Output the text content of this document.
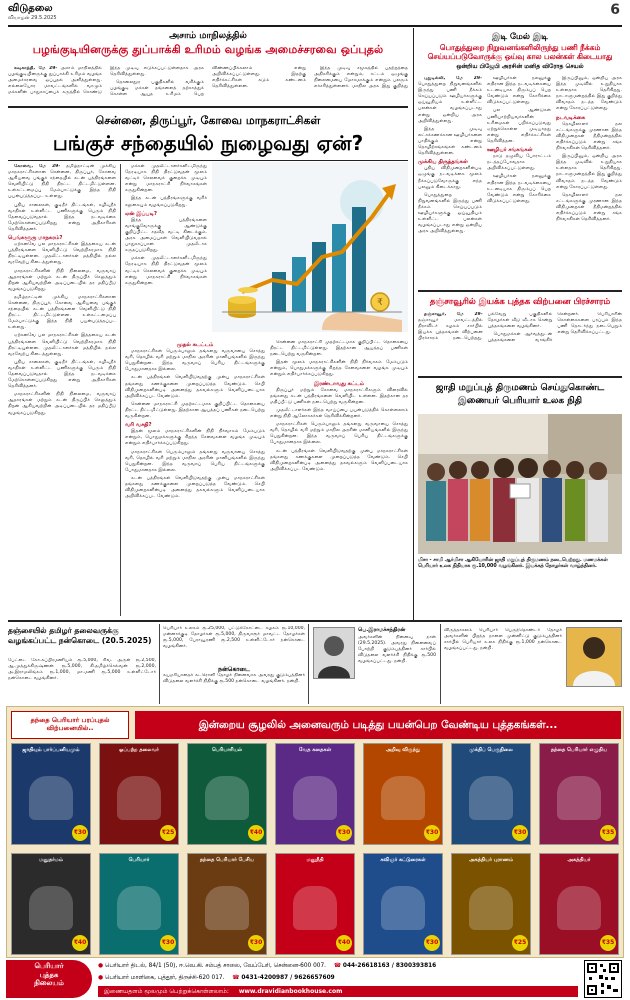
விடுதலை
வியாழன் 29.5.2025	6
அசாம் மாநிலத்தில்
பழங்குடியினருக்கு துப்பாக்கி உரிமம் வழங்க அமைச்சரவை ஒப்புதல்

கவுகாத்தி, மே 29- அசாம் மாநிலத்தில் பழங்குடியினருக்கு துப்பாக்கி உரிமம் வழங்க அமைச்சரவை ஒப்புதல் அளித்துள்ளது. எல்லையோர மாவட்டங்களில் வாழும் மக்களின் பாதுகாப்பைக் கருத்தில் கொண்டு இந்த முடிவு எடுக்கப்பட்டுள்ளதாக அரசு தெரிவித்துள்ளது.

தொலைதூர பகுதிகளில் வசிக்கும் பழங்குடி மக்கள் தங்களைத் தற்காத்துக் கொள்ள ஆயுத உரிமம் பெற விண்ணப்பிக்கலாம் என்று அறிவிக்கப்பட்டுள்ளது. இதற்கு எதிர்க்கட்சிகள் கடும் கண்டனம் தெரிவித்துள்ளன.

இந்த முடிவு சமூகத்தில் பதற்றத்தை அதிகரிக்கும் என்றும், சட்டம் ஒழுங்கு நிலைமையை மோசமாக்கும் என்றும் பலரும் எச்சரித்துள்ளனர். மாநில அரசு இது குறித்து

சென்னை, திருப்பூர், கோவை மாநகராட்சிகள்
பங்குச் சந்தையில் நுழைவது ஏன்?

கோவை, மே 29- தமிழ்நாட்டின் முக்கிய மாநகராட்சிகளான சென்னை, திருப்பூர், கோவை ஆகியவை பங்குச் சந்தையில் கடன் பத்திரங்களை வெளியிட்டு நிதி திரட்ட திட்டமிட்டுள்ளன. உள்கட்டமைப்பு மேம்பாட்டுக்கு இந்த நிதி பயன்படுத்தப்பட உள்ளது.

புதிய சாலைகள், குடிநீர் திட்டங்கள், கழிவுநீர் வசதிகள் உள்ளிட்ட பணிகளுக்கு பெரும் நிதி தேவைப்படுவதால் இந்த நடவடிக்கை மேற்கொள்ளப்படுகிறது என்று அதிகாரிகள் தெரிவித்தனர்.

பெங்களூரு மாநகரம்?

ஏற்கனவே பல மாநகராட்சிகள் இத்தகைய கடன் பத்திரங்களை வெளியிட்டு வெற்றிகரமாக நிதி திரட்டியுள்ளன. முதலீட்டாளர்கள் மத்தியில் நல்ல வரவேற்பு கிடைத்துள்ளது.

மாநகராட்சிகளின் நிதி நிலைமை, வருவாய் ஆதாரங்கள் மற்றும் கடன் திருப்பிச் செலுத்தும் திறன் ஆகியவற்றின் அடிப்படையில் தர மதிப்பீடு வழங்கப்படுகிறது.

தமிழ்நாட்டின் முக்கிய மாநகராட்சிகளான சென்னை, திருப்பூர், கோவை ஆகியவை பங்குச் சந்தையில் கடன் பத்திரங்களை வெளியிட்டு நிதி திரட்ட திட்டமிட்டுள்ளன. உள்கட்டமைப்பு மேம்பாட்டுக்கு இந்த நிதி பயன்படுத்தப்பட உள்ளது.

ஏற்கனவே பல மாநகராட்சிகள் இத்தகைய கடன் பத்திரங்களை வெளியிட்டு வெற்றிகரமாக நிதி திரட்டியுள்ளன. முதலீட்டாளர்கள் மத்தியில் நல்ல வரவேற்பு கிடைத்துள்ளது.

புதிய சாலைகள், குடிநீர் திட்டங்கள், கழிவுநீர் வசதிகள் உள்ளிட்ட பணிகளுக்கு பெரும் நிதி தேவைப்படுவதால் இந்த நடவடிக்கை மேற்கொள்ளப்படுகிறது என்று அதிகாரிகள் தெரிவித்தனர்.

மாநகராட்சிகளின் நிதி நிலைமை, வருவாய் ஆதாரங்கள் மற்றும் கடன் திருப்பிச் செலுத்தும் திறன் ஆகியவற்றின் அடிப்படையில் தர மதிப்பீடு வழங்கப்படுகிறது.

மக்கள் முதலீட்டாளர்களிடமிருந்து நேரடியாக நிதி திரட்டுவதன் மூலம் வட்டிச் செலவைக் குறைக்க முடியும் என்று மாநகராட்சி நிர்வாகங்கள் கருதுகின்றன.

இந்த கடன் பத்திரங்களுக்கு வரிச் சலுகையும் வழங்கப்படுகிறது.

ஏன் இப்படி?

இந்த பத்திரங்களை வாங்குவோருக்கு ஆண்டுக்கு குறிப்பிட்ட சதவீத வட்டி கிடைக்கும். அரசு அமைப்புகள் வெளியிடுவதால் பாதுகாப்பான முதலீடாக கருதப்படுகிறது.

மக்கள் முதலீட்டாளர்களிடமிருந்து நேரடியாக நிதி திரட்டுவதன் மூலம் வட்டிச் செலவைக் குறைக்க முடியும் என்று மாநகராட்சி நிர்வாகங்கள் கருதுகின்றன.

₹
முதல் கடட்டம்

மாநகராட்சிகள் பெரும்பாலும் தங்களது வருவாயை சொத்து வரி, தொழில் வரி மற்றும் மாநில அரசின் மானியங்களில் இருந்து பெறுகின்றன. இந்த வருவாய் பெரிய திட்டங்களுக்கு போதுமானதாக இல்லை.

கடன் பத்திரங்கள் வெளியிடுவதற்கு முன்பு மாநகராட்சிகள் தங்களது கணக்குகளை முறைப்படுத்த வேண்டும். செபி விதிமுறைகளின்படி அனைத்து தகவல்களும் வெளிப்படையாக அறிவிக்கப்பட வேண்டும்.

சென்னை மாநகராட்சி முதற்கட்டமாக குறிப்பிட்ட தொகையை திரட்ட திட்டமிட்டுள்ளது. இதற்கான ஆயத்தப் பணிகள் நடைபெற்று வருகின்றன.

வரி வசதி?

இதன் மூலம் மாநகராட்சிகளின் நிதி நிர்வாகம் மேம்படும் என்றும், பொதுமக்களுக்கு சிறந்த சேவைகளை வழங்க முடியும் என்றும் எதிர்பார்க்கப்படுகிறது.

மாநகராட்சிகள் பெரும்பாலும் தங்களது வருவாயை சொத்து வரி, தொழில் வரி மற்றும் மாநில அரசின் மானியங்களில் இருந்து பெறுகின்றன. இந்த வருவாய் பெரிய திட்டங்களுக்கு போதுமானதாக இல்லை.

கடன் பத்திரங்கள் வெளியிடுவதற்கு முன்பு மாநகராட்சிகள் தங்களது கணக்குகளை முறைப்படுத்த வேண்டும். செபி விதிமுறைகளின்படி அனைத்து தகவல்களும் வெளிப்படையாக அறிவிக்கப்பட வேண்டும்.

சென்னை மாநகராட்சி முதற்கட்டமாக குறிப்பிட்ட தொகையை திரட்ட திட்டமிட்டுள்ளது. இதற்கான ஆயத்தப் பணிகள் நடைபெற்று வருகின்றன.

இதன் மூலம் மாநகராட்சிகளின் நிதி நிர்வாகம் மேம்படும் என்றும், பொதுமக்களுக்கு சிறந்த சேவைகளை வழங்க முடியும் என்றும் எதிர்பார்க்கப்படுகிறது.

இரண்டாவது கட்டம்

திருப்பூர் மற்றும் கோவை மாநகராட்சிகளும் விரைவில் தங்களது கடன் பத்திரங்களை வெளியிட உள்ளன. இதற்கான தர மதிப்பீட்டு பணிகள் நடைபெற்று வருகின்றன.

முதலீட்டாளர்கள் இந்த வாய்ப்பை பயன்படுத்திக் கொள்ளலாம் என்று நிதி ஆலோசகர்கள் தெரிவிக்கின்றனர்.

மாநகராட்சிகள் பெரும்பாலும் தங்களது வருவாயை சொத்து வரி, தொழில் வரி மற்றும் மாநில அரசின் மானியங்களில் இருந்து பெறுகின்றன. இந்த வருவாய் பெரிய திட்டங்களுக்கு போதுமானதாக இல்லை.

கடன் பத்திரங்கள் வெளியிடுவதற்கு முன்பு மாநகராட்சிகள் தங்களது கணக்குகளை முறைப்படுத்த வேண்டும். செபி விதிமுறைகளின்படி அனைத்து தகவல்களும் வெளிப்படையாக அறிவிக்கப்பட வேண்டும்.

இடி மேல் இடி
பொதுத்துறை நிறுவனங்களிலிருந்து பணி நீக்கம் செய்யப்படுவோருக்கு ஒய்வு கால பலன்கள் கிடையாது
ஒன்றிய பிஜேபி அரசின் மனித விரோத செயல்

புதுடில்லி, மே 29- பொதுத்துறை நிறுவனங்களில் இருந்து பணி நீக்கம் செய்யப்படும் ஊழியர்களுக்கு ஓய்வூதியம் உள்ளிட்ட பலன்கள் வழங்கப்படாது என்று ஒன்றிய அரசு அறிவித்துள்ளது.

இந்த முடிவு லட்சக்கணக்கான ஊழியர்களை பாதிக்கும் என்று தொழிற்சங்கங்கள் கண்டனம் தெரிவித்துள்ளன.

முக்கிய திருத்தங்கள்

புதிய விதிமுறைகளின்படி ஒழுங்கு நடவடிக்கை மூலம் நீக்கப்படுவோருக்கு எந்த பலனும் கிடைக்காது.

பொதுத்துறை நிறுவனங்களில் இருந்து பணி நீக்கம் செய்யப்படும் ஊழியர்களுக்கு ஓய்வூதியம் உள்ளிட்ட பலன்கள் வழங்கப்படாது என்று ஒன்றிய அரசு அறிவித்துள்ளது.

ஊழியர்கள் நலனுக்கு எதிரான இந்த நடவடிக்கையை உடனடியாக திரும்பப் பெற வேண்டும் என்று கோரிக்கை விடுக்கப்பட்டுள்ளது.

பல ஆண்டுகள் பணியாற்றியவர்களின் உரிமைகள் பறிக்கப்படுவது ஏற்றுக்கொள்ள முடியாதது என்று எதிர்க்கட்சிகள் தெரிவித்தன.

ஊழியர் சங்கங்கள்

நாடு தழுவிய போராட்டம் நடத்தப்போவதாக அறிவிக்கப்பட்டுள்ளது.

ஊழியர்கள் நலனுக்கு எதிரான இந்த நடவடிக்கையை உடனடியாக திரும்பப் பெற வேண்டும் என்று கோரிக்கை விடுக்கப்பட்டுள்ளது.

இருப்பினும், ஒன்றிய அரசு இந்த முடிவில் உறுதியாக உள்ளதாக தெரிகிறது. நாடாளுமன்றத்தில் இது குறித்து விவாதம் நடத்த வேண்டும் என்று கோரப்பட்டுள்ளது.

நடவடிக்கை

தொழிலாளர் நல சட்டங்களுக்கு முரணான இந்த விதிமுறைகள் நீதிமன்றத்தில் எதிர்க்கப்படும் என்று சங்க நிர்வாகிகள் தெரிவித்தனர்.

இருப்பினும், ஒன்றிய அரசு இந்த முடிவில் உறுதியாக உள்ளதாக தெரிகிறது. நாடாளுமன்றத்தில் இது குறித்து விவாதம் நடத்த வேண்டும் என்று கோரப்பட்டுள்ளது.

தொழிலாளர் நல சட்டங்களுக்கு முரணான இந்த விதிமுறைகள் நீதிமன்றத்தில் எதிர்க்கப்படும் என்று சங்க நிர்வாகிகள் தெரிவித்தனர்.

தஞ்சாவூரில் இயக்க புத்தக விற்பனை பிரச்சாரம்

தஞ்சாவூர், மே 29- தஞ்சாவூர் மாவட்டத்தில் திராவிடர் கழகம் சார்பில் இயக்க புத்தகங்கள் விற்பனை பிரச்சாரம் நடைபெற்றது. பல்வேறு பகுதிகளில் தோழர்கள் வீடு வீடாக சென்று புத்தகங்களை வழங்கினர்.

பொதுமக்கள் ஆர்வத்துடன் புத்தகங்களை வாங்கிச் சென்றனர். பெரியாரின் கொள்கைகளை பரப்பும் இந்த பணி தொடர்ந்து நடைபெறும் என்று தெரிவிக்கப்பட்டது.

ஜாதி மறுப்புத் திருமணம் செய்துகொண்ட இணையர் பெரியார் உலக நிதி
மிசா - சாமி ஆர்மிசா ஆகியோரின் ஜாதி மறுப்புத் திருமணம் நடைபெற்றது. மணமக்கள் பெரியார் உலக நிதியாக ரூ.10,000 வழங்கினர். இயக்கத் தோழர்கள் வாழ்த்தினர்.
தஞ்சையில் தமிழர் தலைவருக்கு வழங்கப்பட்ட நன்கொடை (20.5.2025)
பேட்டை கோ.சுப்பிரமணியம் ரூ.5,000, சிவ. அருள் ரூ.2,500, ஆ.முத்துக்கிருஷ்ணன் ரூ.5,000, கி.தமிழ்ச்செல்வன் ரூ.2,000, அ.இராமலிங்கம் ரூ.1,000, மா.மணி ரூ.5,000 உள்ளிட்டோர் நன்கொடை வழங்கினர்.
பெரியார் உலகம் ரூ.25,000, பட்டுக்கோட்டை கழகம் ரூ.10,000, மன்னார்குடி தோழர்கள் ரூ.5,000, திருவாரூர் மாவட்ட தோழர்கள் ரூ.5,000, பேராவூரணி ரூ.2,500 உள்ளிட்டோர் நன்கொடை வழங்கினர்.
நன்கொடை
சுயமரியாதைச் சுடரொளி தோழர் நினைவாக அவரது குடும்பத்தினர் விடுதலை வளர்ச்சி நிதிக்கு ரூ.500 நன்கொடை வழங்கினர். நன்றி.
பெ.இராமச்சந்திரன்
அவர்களின் நினைவு நாள் (29.5.2025). அவரது நினைவைப் போற்றி குடும்பத்தினர் சார்பில் விடுதலை வளர்ச்சி நிதிக்கு ரூ.500 வழங்கப்பட்டது. நன்றி.
விருத்தாசலம் பெரியார் பெருந்தொண்டர் தோழர் அவர்களின் பிறந்த நாளை முன்னிட்டு குடும்பத்தினர் சார்பில் பெரியார் உலக நிதிக்கு ரூ.1,000 நன்கொடை வழங்கப்பட்டது. நன்றி.
தந்தை பெரியார் பரப்புதல் விற்பனையில்..	இன்றைய சூழலில் அனைவரும் படித்து பயன்பெற வேண்டிய புத்தகங்கள்...
ஜாதியும் பார்ப்பனியமும்
₹30
ஒப்பற்ற தலைவர்
₹25
பெரியாரியல்
₹40
வேத கதைகள்
₹30
அறிவு விருந்து
₹30
முக்திப் பெருநிலை
₹30
தந்தை பெரியார் எழுதிய
₹35
மனுதர்மம்
₹40
பெரியார்
₹30
தந்தை பெரியார் பேசிய
₹30
மனுநீதி
₹40
கவிஞர் கட்டுரைகள்
₹30
அகத்தியர் புராணம்
₹25
அகத்தியர்
₹35
பெரியார்
புத்தக
நிலையம்
● பெரியார் திடல், 84/1 (50), ஈ.வெ.கி. சம்பத் சாலை, வேப்பேரி, சென்னை-600 007. ☎ 044-26618163 / 8300393816
● பெரியார் மாளிகை, புத்தூர், திருச்சி-620 017. ☎ 0431-4200987 / 9626657609
இணையதளம் மூலமும் பெற்றுக்கொள்ளலாம்: www.dravidianbookhouse.com
